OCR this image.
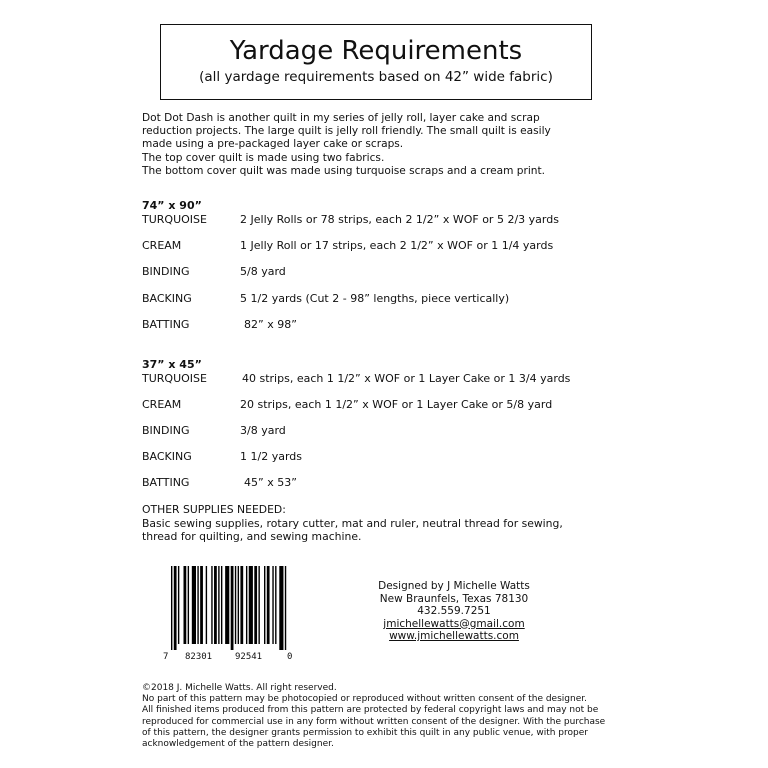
Yardage Requirements
(all yardage requirements based on 42” wide fabric)
Dot Dot Dash is another quilt in my series of jelly roll, layer cake and scrap
reduction projects. The large quilt is jelly roll friendly. The small quilt is easily
made using a pre-packaged layer cake or scraps.
The top cover quilt is made using two fabrics.
The bottom cover quilt was made using turquoise scraps and a cream print.
74” x 90”
TURQUOISE	2 Jelly Rolls or 78 strips, each 2 1/2” x WOF or 5 2/3 yards
CREAM	1 Jelly Roll or 17 strips, each 2 1/2” x WOF or 1 1/4 yards
BINDING	5/8 yard
BACKING	5 1/2 yards (Cut 2 - 98” lengths, piece vertically)
BATTING	82” x 98”
37” x 45”
TURQUOISE	40 strips, each 1 1/2” x WOF or 1 Layer Cake or 1 3/4 yards
CREAM	20 strips, each 1 1/2” x WOF or 1 Layer Cake or 5/8 yard
BINDING	3/8 yard
BACKING	1 1/2 yards
BATTING	45” x 53”
OTHER SUPPLIES NEEDED:
Basic sewing supplies, rotary cutter, mat and ruler, neutral thread for sewing,
thread for quilting, and sewing machine.
7 82301	92541	0
Designed by J Michelle Watts
New Braunfels, Texas 78130
432.559.7251
jmichellewatts@gmail.com
www.jmichellewatts.com
©2018 J. Michelle Watts. All right reserved.
No part of this pattern may be photocopied or reproduced without written consent of the designer.
All finished items produced from this pattern are protected by federal copyright laws and may not be
reproduced for commercial use in any form without written consent of the designer. With the purchase
of this pattern, the designer grants permission to exhibit this quilt in any public venue, with proper
acknowledgement of the pattern designer.
